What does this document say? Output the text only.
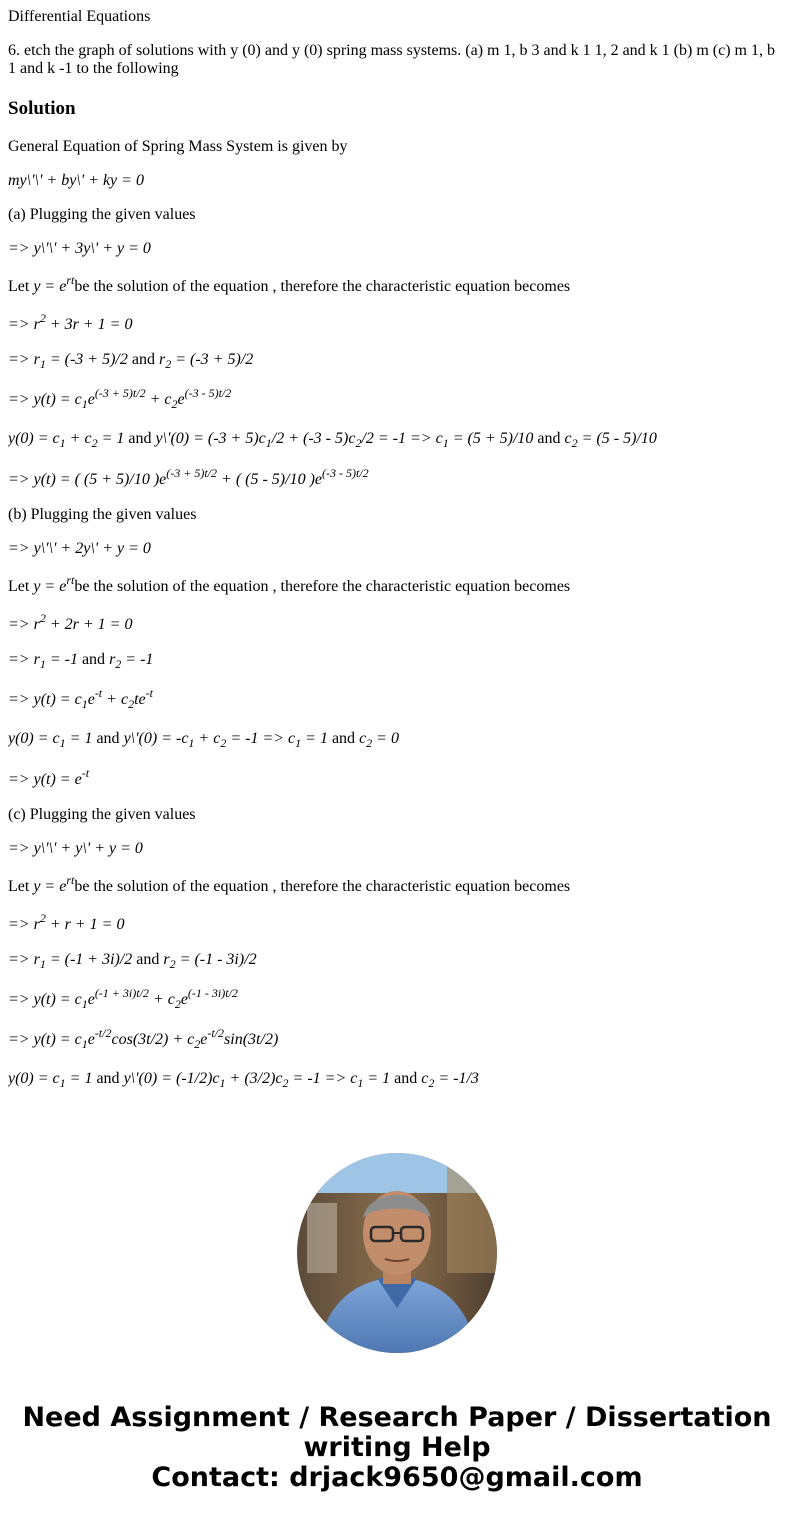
Differential Equations

6. etch the graph of solutions with y (0) and y (0) spring mass systems. (a) m 1, b 3 and k 1 1, 2 and k 1 (b) m (c) m 1, b 1 and k -1 to the following

Solution

General Equation of Spring Mass System is given by

my\'\' + by\' + ky = 0

(a) Plugging the given values

=> y\'\' + 3y\' + y = 0

Let $y = e^{rt}be$ the solution of the equation , therefore the characteristic equation becomes

=> $r^2 + 3r + 1 = 0$

=> $r_1 = (-3 + 5)/2$ and $r_2 = (-3 + 5)/2$

=> $y(t) = c_1e^{(-3 + 5)t/2} + c_2e^{(-3 - 5)t/2}$

$y(0) = c_1 + c_2 = 1$ and y\'(0) = $(-3 + 5)c_1/2 + (-3 - 5)c_2/2 = -1 => c_1 = (5 + 5)/10$ and $c_2 = (5 - 5)/10$

=> y(t) = ( (5 + 5)/10 )$e^{(-3 + 5)t/2}$ + ( (5 - 5)/10 )$e^{(-3 - 5)t/2}$

(b) Plugging the given values

=> y\'\' + 2y\' + y = 0

Let $y = e^{rt}be$ the solution of the equation , therefore the characteristic equation becomes

=> $r^2 + 2r + 1 = 0$

=> $r_1 = -1$ and $r_2 = -1$

=> $y(t) = c_1e^{-t} + c_2te^{-t}$

$y(0) = c_1 = 1$ and y\'(0) = $-c_1 + c_2 = -1 => c_1 = 1$ and $c_2 = 0$

=> $y(t) = e^{-t}$

(c) Plugging the given values

=> y\'\' + y\' + y = 0

Let $y = e^{rt}be$ the solution of the equation , therefore the characteristic equation becomes

=> $r^2 + r + 1 = 0$

=> $r_1 = (-1 + 3i)/2$ and $r_2 = (-1 - 3i)/2$

=> $y(t) = c_1e^{(-1 + 3i)t/2} + c_2e^{(-1 - 3i)t/2}$

=> $y(t) = c_1e^{-t/2}\cos(3t/2) + c_2e^{-t/2}\sin(3t/2)$

$y(0) = c_1 = 1$ and y\'(0) = $(-1/2)c_1 + (3/2)c_2 = -1 => c_1 = 1$ and $c_2 = -1/3$

Need Assignment / Research Paper / Dissertation
writing Help
Contact: drjack9650@gmail.com
